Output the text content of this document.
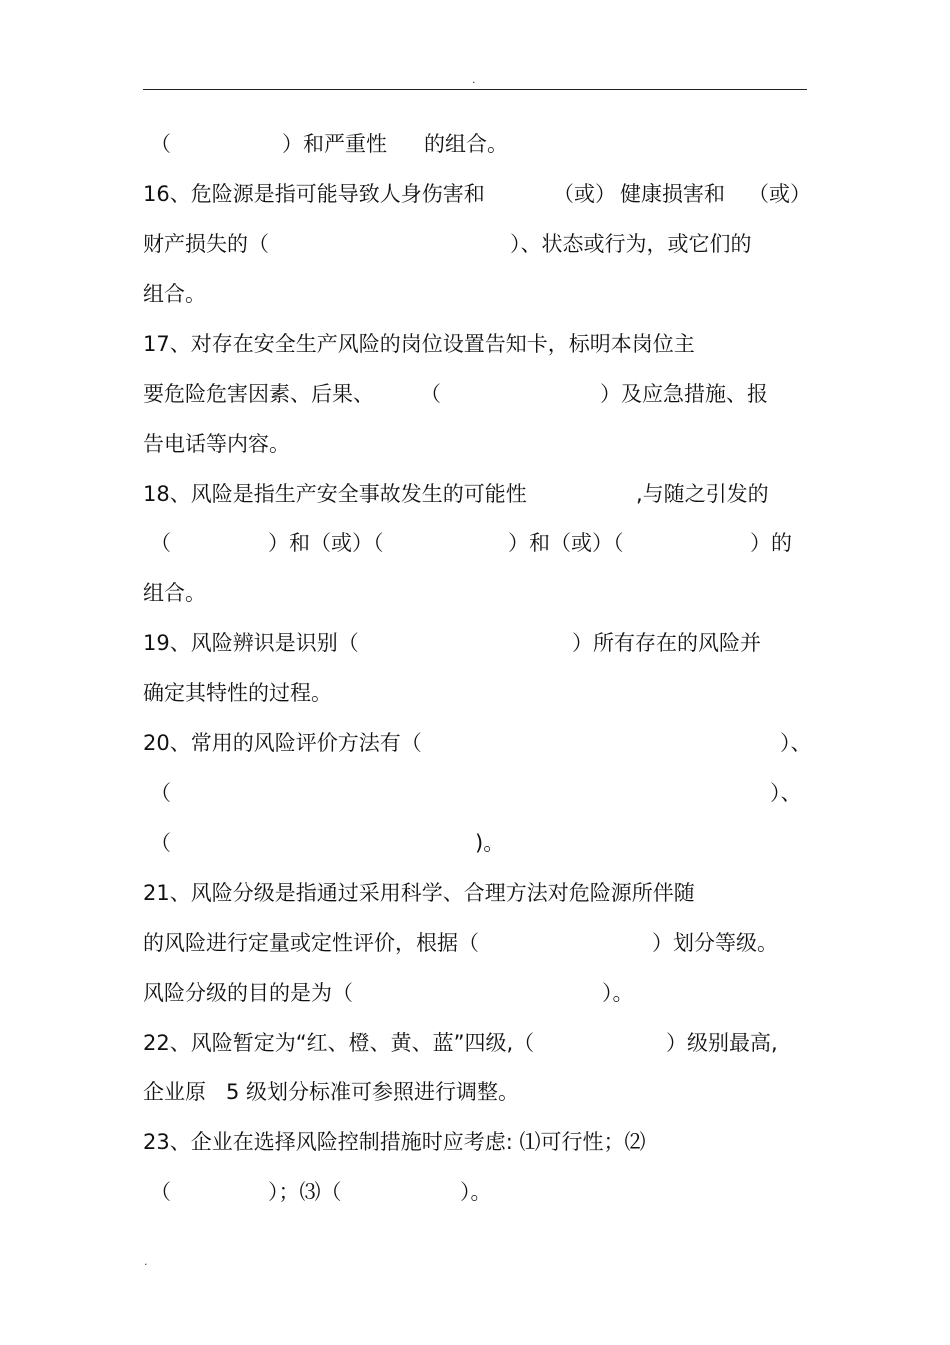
.
（	）和严重性 的组合。
16、危险源是指可能导致人身伤害和	（或） 健康损害和 （或）
财产损失的（	）、状态或行为，或它们的
组合。
17、对存在安全生产风险的岗位设置告知卡，标明本岗位主
要危险危害因素、后果、 （	）及应急措施、报
告电话等内容。
18、风险是指生产安全事故发生的可能性	,与随之引发的
（	）和（或）（	）和（或）（	）的
组合。
19、风险辨识是识别（	）所有存在的风险并
确定其特性的过程。
20、常用的风险评价方法有（	）、
（	）、
（	)。
21、风险分级是指通过采用科学、合理方法对危险源所伴随
的风险进行定量或定性评价，根据（	）划分等级。
风险分级的目的是为（	）。
22、风险暂定为“红、橙、黄、蓝”四级,（	）级别最高,
企业原 5 级划分标准可参照进行调整。
23、企业在选择风险控制措施时应考虑: ⑴可行性；⑵
（	）；⑶（	）。
.
